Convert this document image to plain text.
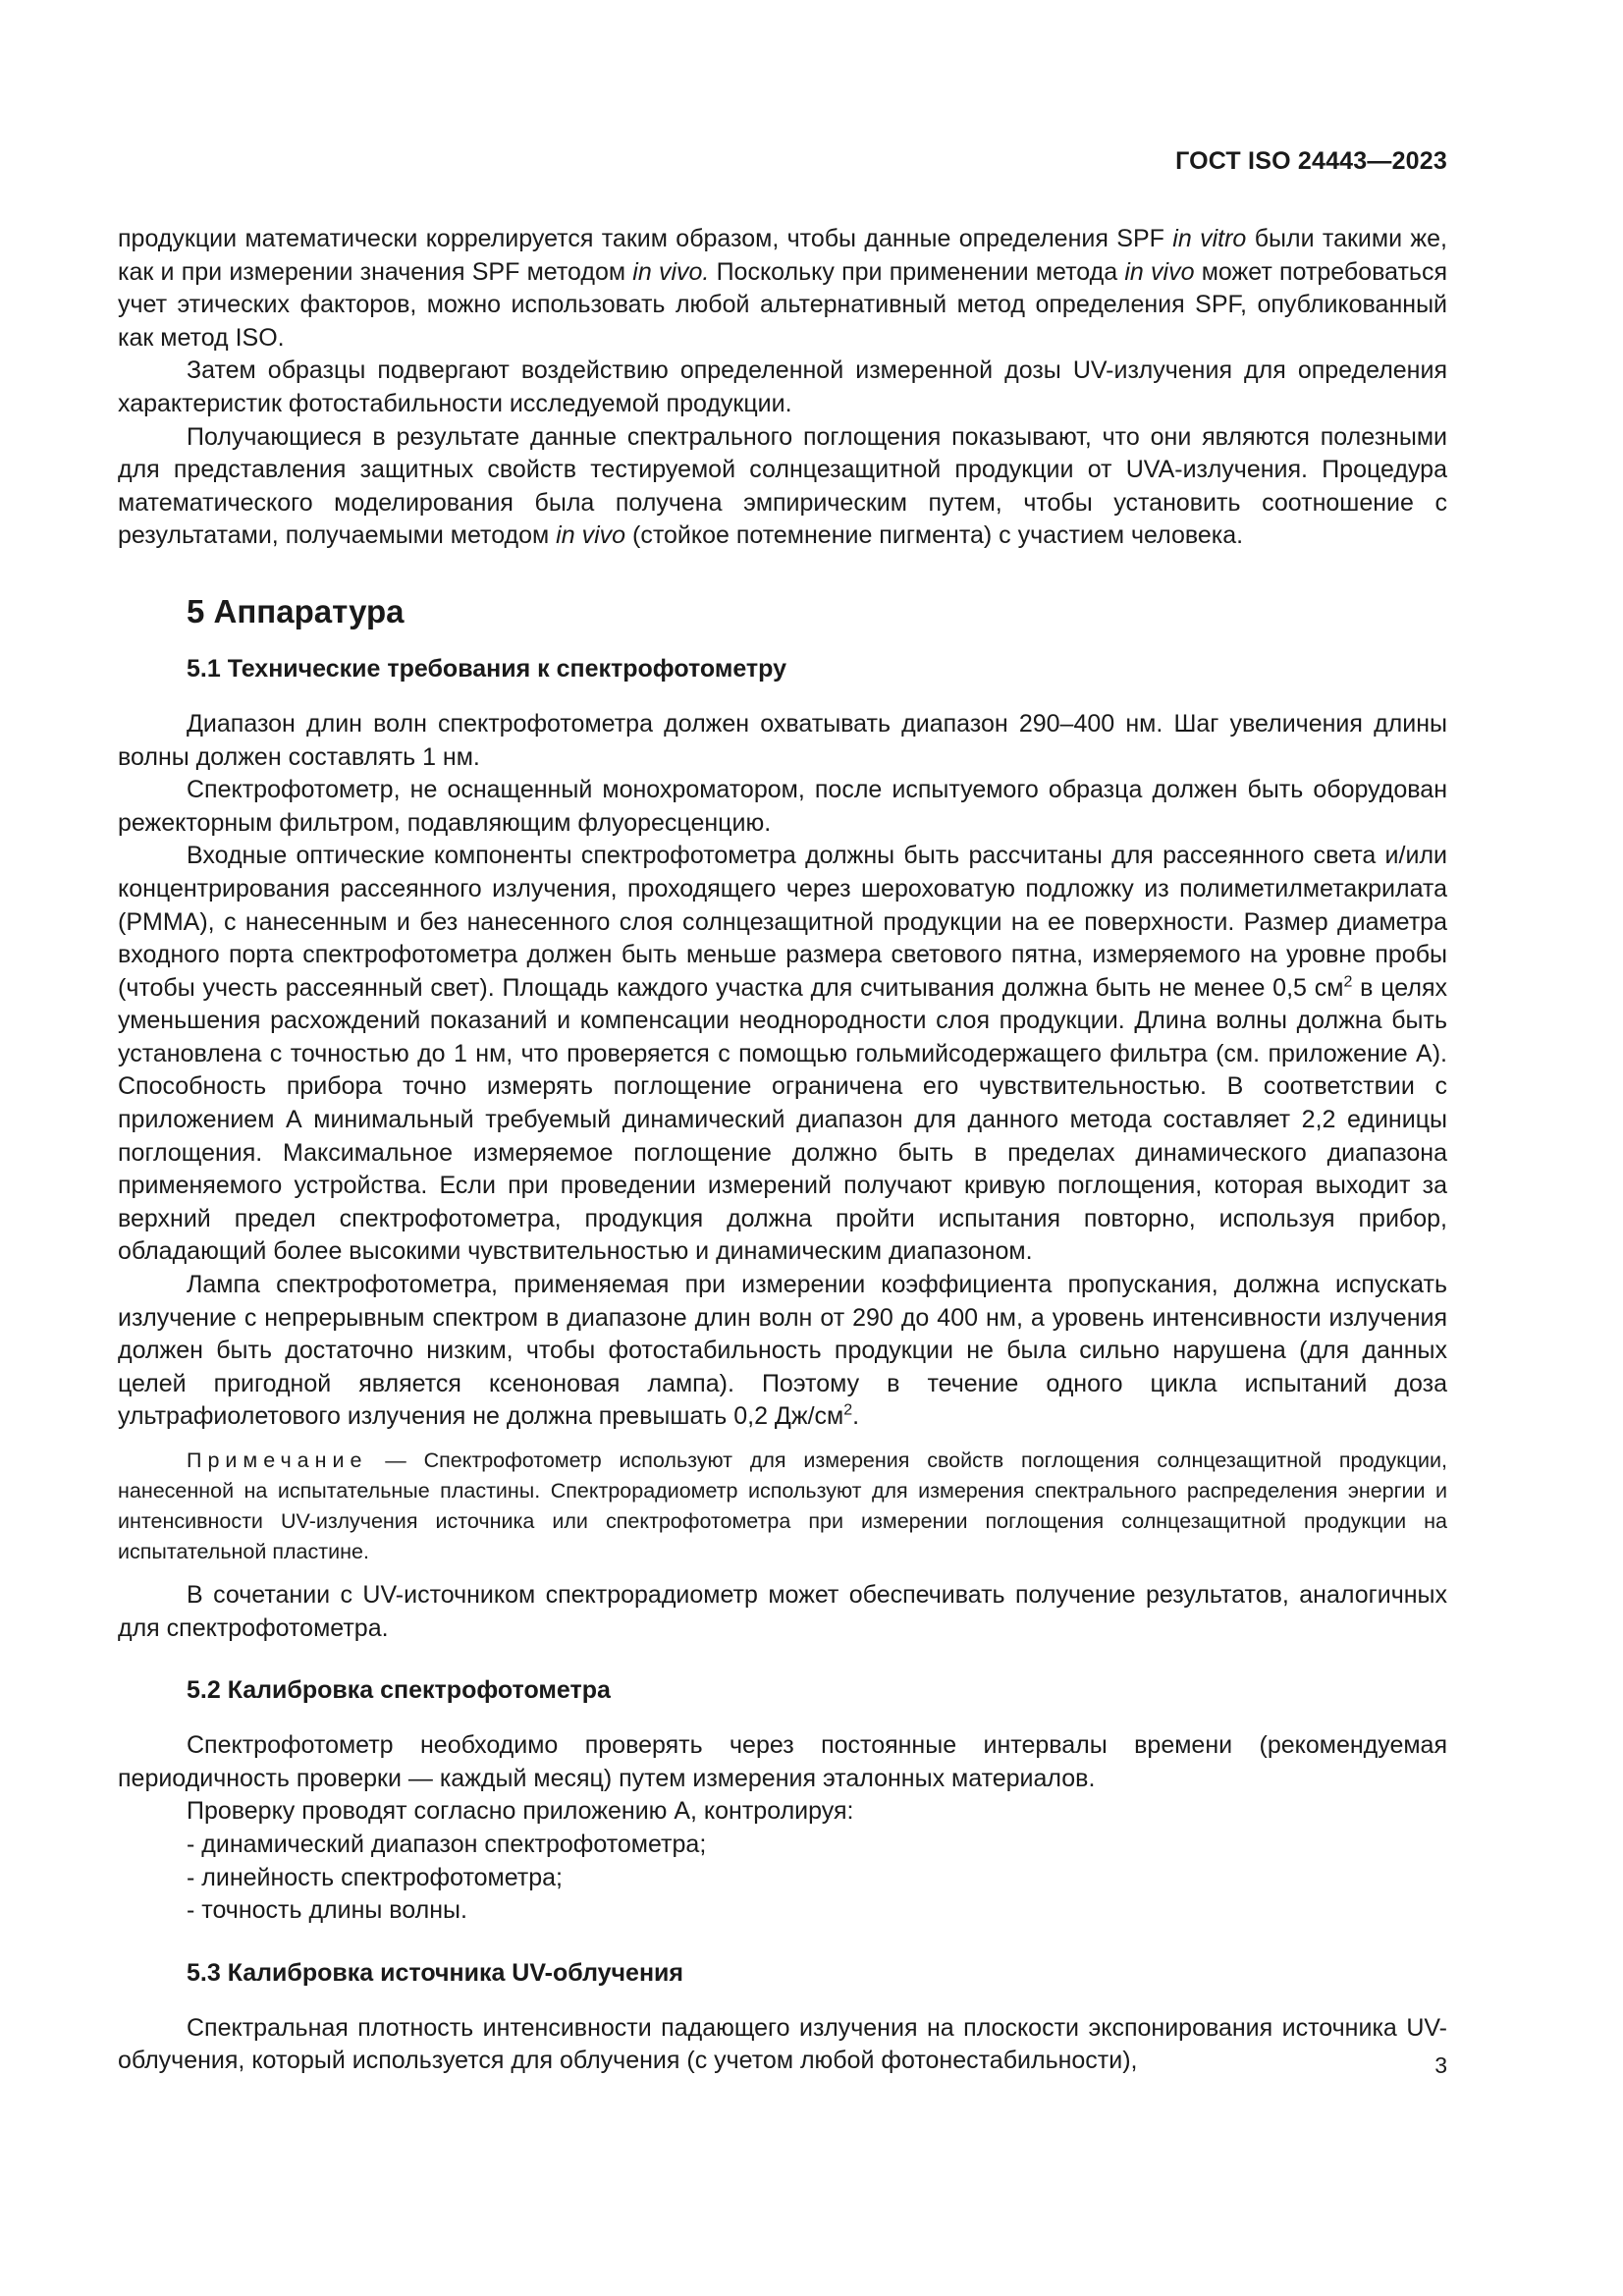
ГОСТ ISO 24443—2023

продукции математически коррелируется таким образом, чтобы данные определения SPF in vitro были такими же, как и при измерении значения SPF методом in vivo. Поскольку при применении метода in vivo может потребоваться учет этических факторов, можно использовать любой альтернативный метод определения SPF, опубликованный как метод ISO.

Затем образцы подвергают воздействию определенной измеренной дозы UV-излучения для определения характеристик фотостабильности исследуемой продукции.

Получающиеся в результате данные спектрального поглощения показывают, что они являются полезными для представления защитных свойств тестируемой солнцезащитной продукции от UVA-излучения. Процедура математического моделирования была получена эмпирическим путем, чтобы установить соотношение с результатами, получаемыми методом in vivo (стойкое потемнение пигмента) с участием человека.

5 Аппаратура
5.1 Технические требования к спектрофотометру

Диапазон длин волн спектрофотометра должен охватывать диапазон 290–400 нм. Шаг увеличения длины волны должен составлять 1 нм.

Спектрофотометр, не оснащенный монохроматором, после испытуемого образца должен быть оборудован режекторным фильтром, подавляющим флуоресценцию.

Входные оптические компоненты спектрофотометра должны быть рассчитаны для рассеянного света и/или концентрирования рассеянного излучения, проходящего через шероховатую подложку из полиметилметакрилата (PMMA), с нанесенным и без нанесенного слоя солнцезащитной продукции на ее поверхности. Размер диаметра входного порта спектрофотометра должен быть меньше размера светового пятна, измеряемого на уровне пробы (чтобы учесть рассеянный свет). Площадь каждого участка для считывания должна быть не менее 0,5 $см^2$ в целях уменьшения расхождений показаний и компенсации неоднородности слоя продукции. Длина волны должна быть установлена с точностью до 1 нм, что проверяется с помощью гольмийсодержащего фильтра (см. приложение А). Способность прибора точно измерять поглощение ограничена его чувствительностью. В соответствии с приложением А минимальный требуемый динамический диапазон для данного метода составляет 2,2 единицы поглощения. Максимальное измеряемое поглощение должно быть в пределах динамического диапазона применяемого устройства. Если при проведении измерений получают кривую поглощения, которая выходит за верхний предел спектрофотометра, продукция должна пройти испытания повторно, используя прибор, обладающий более высокими чувствительностью и динамическим диапазоном.

Лампа спектрофотометра, применяемая при измерении коэффициента пропускания, должна испускать излучение с непрерывным спектром в диапазоне длин волн от 290 до 400 нм, а уровень интенсивности излучения должен быть достаточно низким, чтобы фотостабильность продукции не была сильно нарушена (для данных целей пригодной является ксеноновая лампа). Поэтому в течение одного цикла испытаний доза ультрафиолетового излучения не должна превышать 0,2 $Дж/см^2$.

Примечание — Спектрофотометр используют для измерения свойств поглощения солнцезащитной продукции, нанесенной на испытательные пластины. Спектрорадиометр используют для измерения спектрального распределения энергии и интенсивности UV-излучения источника или спектрофотометра при измерении поглощения солнцезащитной продукции на испытательной пластине.

В сочетании с UV-источником спектрорадиометр может обеспечивать получение результатов, аналогичных для спектрофотометра.

5.2 Калибровка спектрофотометра

Спектрофотометр необходимо проверять через постоянные интервалы времени (рекомендуемая периодичность проверки — каждый месяц) путем измерения эталонных материалов.

Проверку проводят согласно приложению А, контролируя:

- динамический диапазон спектрофотометра;

- линейность спектрофотометра;

- точность длины волны.

5.3 Калибровка источника UV-облучения

Спектральная плотность интенсивности падающего излучения на плоскости экспонирования источника UV-облучения, который используется для облучения (с учетом любой фотонестабильности),	3
